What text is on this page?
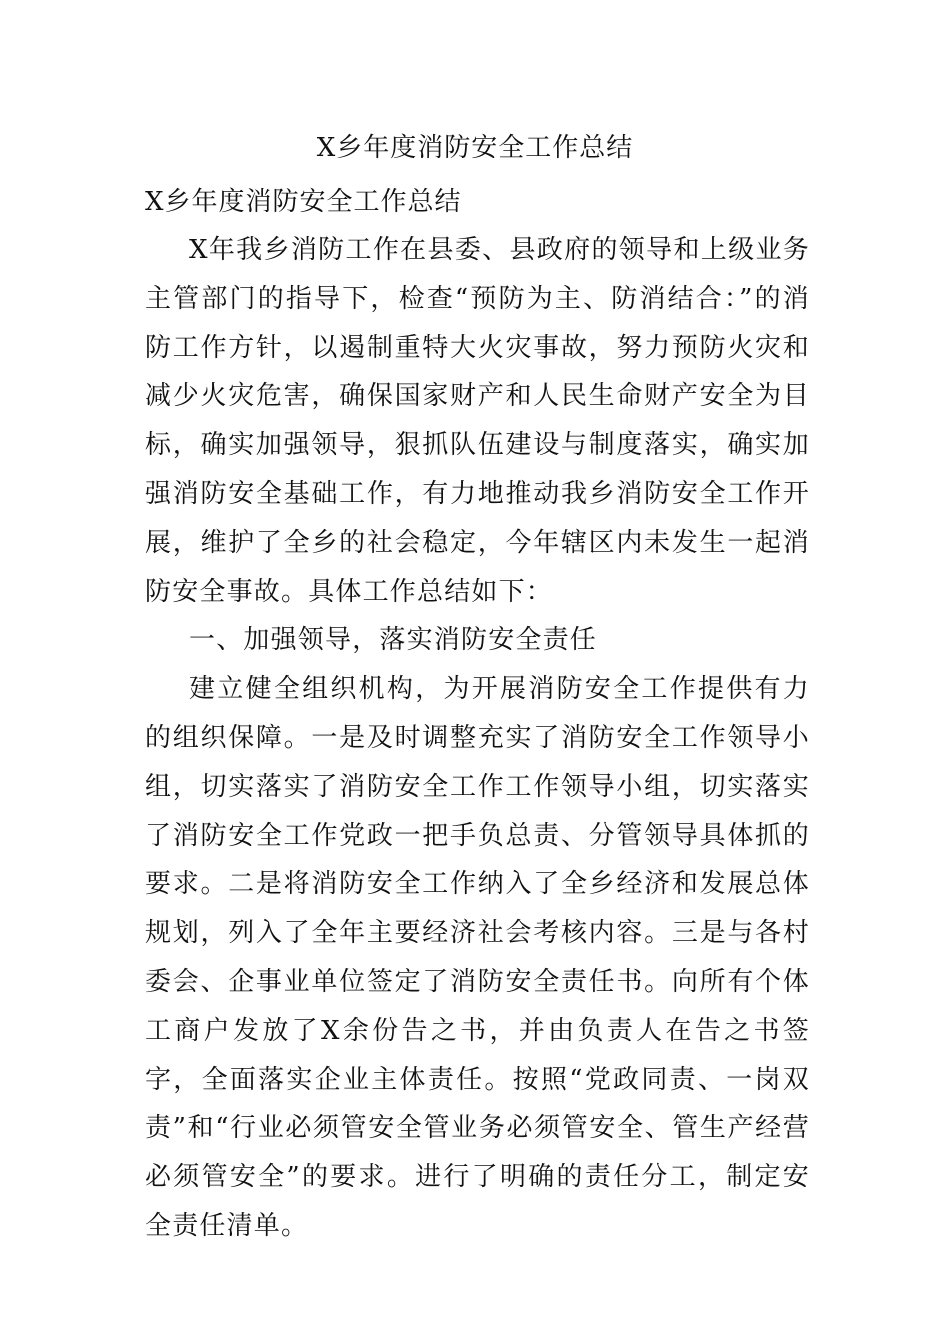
X乡年度消防安全工作总结

X乡年度消防安全工作总结

X年我乡消防工作在县委、县政府的领导和上级业务主管部门的指导下，检查“预防为主、防消结合：”的消防工作方针，以遏制重特大火灾事故，努力预防火灾和减少火灾危害，确保国家财产和人民生命财产安全为目标，确实加强领导，狠抓队伍建设与制度落实，确实加强消防安全基础工作，有力地推动我乡消防安全工作开展，维护了全乡的社会稳定，今年辖区内未发生一起消防安全事故。具体工作总结如下：

一、加强领导，落实消防安全责任

建立健全组织机构，为开展消防安全工作提供有力的组织保障。一是及时调整充实了消防安全工作领导小组，切实落实了消防安全工作工作领导小组，切实落实了消防安全工作党政一把手负总责、分管领导具体抓的要求。二是将消防安全工作纳入了全乡经济和发展总体规划，列入了全年主要经济社会考核内容。三是与各村委会、企事业单位签定了消防安全责任书。向所有个体工商户发放了X余份告之书，并由负责人在告之书签字，全面落实企业主体责任。按照“党政同责、一岗双责”和“行业必须管安全管业务必须管安全、管生产经营必须管安全”的要求。进行了明确的责任分工，制定安全责任清单。
